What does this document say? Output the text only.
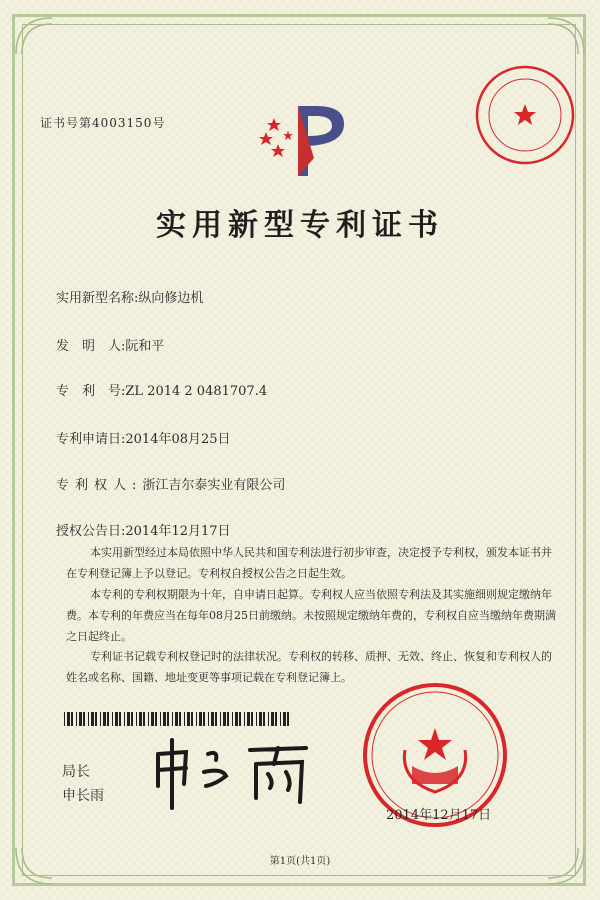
证书号第4003150号
实用新型专利证书
实用新型名称:纵向修边机
发　明　人:阮和平
专　利　号:ZL 2014 2 0481707.4
专利申请日:2014年08月25日
专利权人:浙江吉尔泰实业有限公司
授权公告日:2014年12月17日
本实用新型经过本局依照中华人民共和国专利法进行初步审查，决定授予专利权，颁发本证书并在专利登记簿上予以登记。专利权自授权公告之日起生效。
本专利的专利权期限为十年，自申请日起算。专利权人应当依照专利法及其实施细则规定缴纳年费。本专利的年费应当在每年08月25日前缴纳。未按照规定缴纳年费的，专利权自应当缴纳年费期满之日起终止。
专利证书记载专利权登记时的法律状况。专利权的转移、质押、无效、终止、恢复和专利权人的姓名或名称、国籍、地址变更等事项记载在专利登记簿上。
局长
申长雨
2014年12月17日
第1页(共1页)
